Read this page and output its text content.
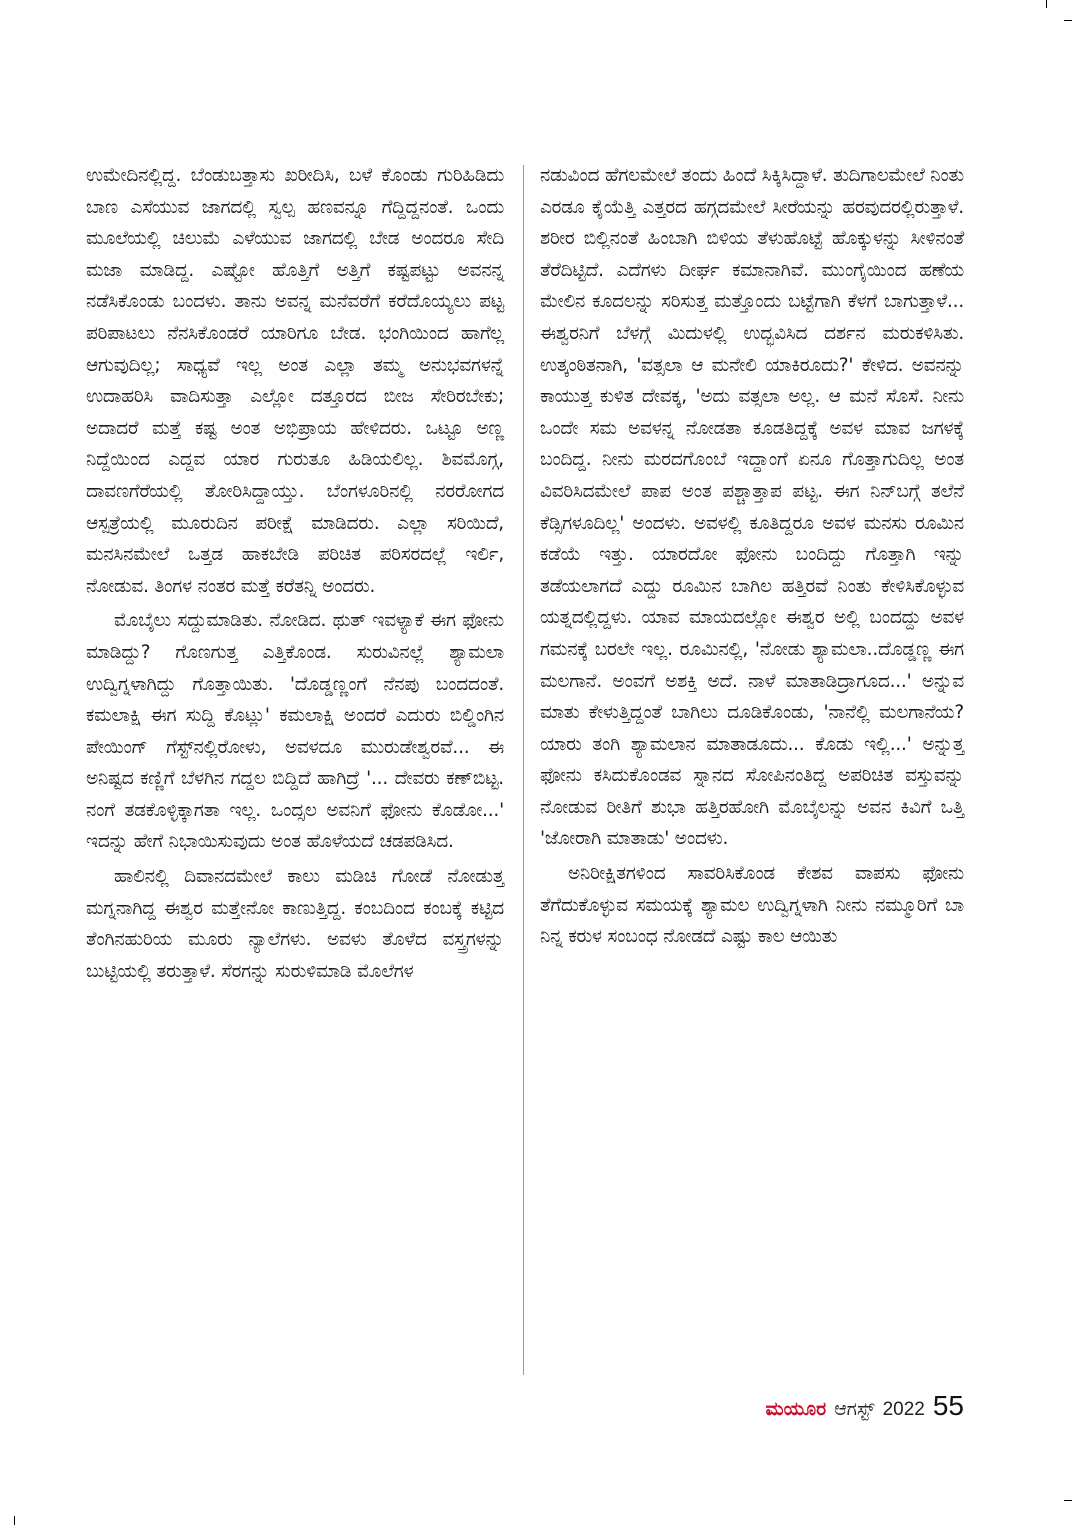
ಉಮೇದಿನಲ್ಲಿದ್ದ. ಬೆಂಡುಬತ್ತಾಸು ಖರೀದಿಸಿ, ಬಳೆ ಕೊಂಡು ಗುರಿಹಿಡಿದು ಬಾಣ ಎಸೆಯುವ ಜಾಗದಲ್ಲಿ ಸ್ವಲ್ಪ ಹಣವನ್ನೂ ಗೆದ್ದಿದ್ದನಂತೆ. ಒಂದು ಮೂಲೆಯಲ್ಲಿ ಚಿಲುಮೆ ಎಳೆಯುವ ಜಾಗದಲ್ಲಿ ಬೇಡ ಅಂದರೂ ಸೇದಿ ಮಜಾ ಮಾಡಿದ್ದ. ಎಷ್ಟೋ ಹೊತ್ತಿಗೆ ಅತ್ತಿಗೆ ಕಷ್ಟಪಟ್ಟು ಅವನನ್ನ ನಡೆಸಿಕೊಂಡು ಬಂದಳು. ತಾನು ಅವನ್ನ ಮನೆವರೆಗೆ ಕರೆದೊಯ್ಯಲು ಪಟ್ಟ ಪರಿಪಾಟಲು ನೆನಸಿಕೊಂಡರೆ ಯಾರಿಗೂ ಬೇಡ. ಭಂಗಿಯಿಂದ ಹಾಗೆಲ್ಲ ಆಗುವುದಿಲ್ಲ; ಸಾಧ್ಯವೆ ಇಲ್ಲ ಅಂತ ಎಲ್ಲಾ ತಮ್ಮ ಅನುಭವಗಳನ್ನೆ ಉದಾಹರಿಸಿ ವಾದಿಸುತ್ತಾ ಎಲ್ಲೋ ದತ್ತೂರದ ಬೀಜ ಸೇರಿರಬೇಕು; ಅದಾದರೆ ಮತ್ತೆ ಕಷ್ಟ ಅಂತ ಅಭಿಪ್ರಾಯ ಹೇಳಿದರು. ಒಟ್ಟೂ ಅಣ್ಣ ನಿದ್ದೆಯಿಂದ ಎದ್ದವ ಯಾರ ಗುರುತೂ ಹಿಡಿಯಲಿಲ್ಲ. ಶಿವಮೊಗ್ಗ, ದಾವಣಗೆರೆಯಲ್ಲಿ ತೋರಿಸಿದ್ದಾಯ್ತು. ಬೆಂಗಳೂರಿನಲ್ಲಿ ನರರೋಗದ ಆಸ್ಪತ್ರೆಯಲ್ಲಿ ಮೂರುದಿನ ಪರೀಕ್ಷೆ ಮಾಡಿದರು. ಎಲ್ಲಾ ಸರಿಯಿದೆ, ಮನಸಿನಮೇಲೆ ಒತ್ತಡ ಹಾಕಬೇಡಿ ಪರಿಚಿತ ಪರಿಸರದಲ್ಲೆ ಇರ್ಲಿ, ನೋಡುವ. ತಿಂಗಳ ನಂತರ ಮತ್ತೆ ಕರೆತನ್ನಿ ಅಂದರು.

ಮೊಬೈಲು ಸದ್ದುಮಾಡಿತು. ನೋಡಿದ. ಥುತ್ ಇವಳ್ಯಾಕೆ ಈಗ ಫೋನು ಮಾಡಿದ್ದು? ಗೊಣಗುತ್ತ ಎತ್ತಿಕೊಂಡ. ಸುರುವಿನಲ್ಲೆ ಶ್ಯಾಮಲಾ ಉದ್ವಿಗ್ನಳಾಗಿದ್ದು ಗೊತ್ತಾಯಿತು. 'ದೊಡ್ಡಣ್ಣಂಗೆ ನೆನಪು ಬಂದದಂತೆ. ಕಮಲಾಕ್ಷಿ ಈಗ ಸುದ್ದಿ ಕೊಟ್ಲು' ಕಮಲಾಕ್ಷಿ ಅಂದರೆ ಎದುರು ಬಿಲ್ಡಿಂಗಿನ ಪೇಯಿಂಗ್ ಗೆಸ್ಟ್‌ನಲ್ಲಿರೋಳು, ಅವಳದೂ ಮುರುಡೇಶ್ವರವೆ... ಈ ಅನಿಷ್ಟದ ಕಣ್ಣಿಗೆ ಬೆಳಗಿನ ಗದ್ದಲ ಬಿದ್ದಿದೆ ಹಾಗಿದ್ರೆ '... ದೇವರು ಕಣ್‌ಬಿಟ್ಟ. ನಂಗೆ ತಡಕೊಳ್ಳಿಕ್ಕಾಗತಾ ಇಲ್ಲ. ಒಂದ್ಸಲ ಅವನಿಗೆ ಫೋನು ಕೊಡೋ...' ಇದನ್ನು ಹೇಗೆ ನಿಭಾಯಿಸುವುದು ಅಂತ ಹೊಳೆಯದೆ ಚಡಪಡಿಸಿದ.

ಹಾಲಿನಲ್ಲಿ ದಿವಾನದಮೇಲೆ ಕಾಲು ಮಡಿಚಿ ಗೋಡೆ ನೋಡುತ್ತ ಮಗ್ನನಾಗಿದ್ದ ಈಶ್ವರ ಮತ್ತೇನೋ ಕಾಣುತ್ತಿದ್ದ. ಕಂಬದಿಂದ ಕಂಬಕ್ಕೆ ಕಟ್ಟಿದ ತೆಂಗಿನಹುರಿಯ ಮೂರು ನ್ಯಾಲೆಗಳು. ಅವಳು ತೊಳೆದ ವಸ್ತ್ರಗಳನ್ನು ಬುಟ್ಟಿಯಲ್ಲಿ ತರುತ್ತಾಳೆ. ಸೆರಗನ್ನು ಸುರುಳಿಮಾಡಿ ಮೊಲೆಗಳ

ನಡುವಿಂದ ಹೆಗಲಮೇಲೆ ತಂದು ಹಿಂದೆ ಸಿಕ್ಕಿಸಿದ್ದಾಳೆ. ತುದಿಗಾಲಮೇಲೆ ನಿಂತು ಎರಡೂ ಕೈಯೆತ್ತಿ ಎತ್ತರದ ಹಗ್ಗದಮೇಲೆ ಸೀರೆಯನ್ನು ಹರವುದರಲ್ಲಿರುತ್ತಾಳೆ. ಶರೀರ ಬಿಲ್ಲಿನಂತೆ ಹಿಂಬಾಗಿ ಬಿಳಿಯ ತೆಳುಹೊಟ್ಟೆ ಹೊಕ್ಕುಳನ್ನು ಸೀಳಿನಂತೆ ತೆರೆದಿಟ್ಟಿದೆ. ಎದೆಗಳು ದೀರ್ಘ ಕಮಾನಾಗಿವೆ. ಮುಂಗೈಯಿಂದ ಹಣೆಯ ಮೇಲಿನ ಕೂದಲನ್ನು ಸರಿಸುತ್ತ ಮತ್ತೊಂದು ಬಟ್ಟೆಗಾಗಿ ಕೆಳಗೆ ಬಾಗುತ್ತಾಳೆ... ಈಶ್ವರನಿಗೆ ಬೆಳಗ್ಗೆ ಮಿದುಳಲ್ಲಿ ಉದ್ಭವಿಸಿದ ದರ್ಶನ ಮರುಕಳಿಸಿತು. ಉತ್ಕಂಠಿತನಾಗಿ, 'ವತ್ಸಲಾ ಆ ಮನೇಲಿ ಯಾಕಿರೂದು?' ಕೇಳಿದ. ಅವನನ್ನು ಕಾಯುತ್ತ ಕುಳಿತ ದೇವಕ್ಕ, 'ಅದು ವತ್ಸಲಾ ಅಲ್ಲ. ಆ ಮನೆ ಸೊಸೆ. ನೀನು ಒಂದೇ ಸಮ ಅವಳನ್ನ ನೋಡತಾ ಕೂಡತಿದ್ದಕ್ಕೆ ಅವಳ ಮಾವ ಜಗಳಕ್ಕೆ ಬಂದಿದ್ದ. ನೀನು ಮರದಗೊಂಬೆ ಇದ್ದಾಂಗೆ ಏನೂ ಗೊತ್ತಾಗುದಿಲ್ಲ ಅಂತ ವಿವರಿಸಿದಮೇಲೆ ಪಾಪ ಅಂತ ಪಶ್ಚಾತ್ತಾಪ ಪಟ್ಟ. ಈಗ ನಿನ್‌ಬಗ್ಗೆ ತಲೆನೆ ಕೆಡ್ಸಿಗಳೂದಿಲ್ಲ' ಅಂದಳು. ಅವಳಲ್ಲಿ ಕೂತಿದ್ದರೂ ಅವಳ ಮನಸು ರೂಮಿನ ಕಡೆಯೆ ಇತ್ತು. ಯಾರದೋ ಫೋನು ಬಂದಿದ್ದು ಗೊತ್ತಾಗಿ ಇನ್ನು ತಡೆಯಲಾಗದೆ ಎದ್ದು ರೂಮಿನ ಬಾಗಿಲ ಹತ್ತಿರವೆ ನಿಂತು ಕೇಳಿಸಿಕೊಳ್ಳುವ ಯತ್ನದಲ್ಲಿದ್ದಳು. ಯಾವ ಮಾಯದಲ್ಲೋ ಈಶ್ವರ ಅಲ್ಲಿ ಬಂದದ್ದು ಅವಳ ಗಮನಕ್ಕೆ ಬರಲೇ ಇಲ್ಲ. ರೂಮಿನಲ್ಲಿ, 'ನೋಡು ಶ್ಯಾಮಲಾ..ದೊಡ್ಡಣ್ಣ ಈಗ ಮಲಗಾನೆ. ಅಂವಗೆ ಅಶಕ್ತಿ ಅದೆ. ನಾಳೆ ಮಾತಾಡಿದ್ರಾಗೂದ...' ಅನ್ನುವ ಮಾತು ಕೇಳುತ್ತಿದ್ದಂತೆ ಬಾಗಿಲು ದೂಡಿಕೊಂಡು, 'ನಾನೆಲ್ಲಿ ಮಲಗಾನೆಯ? ಯಾರು ತಂಗಿ ಶ್ಯಾಮಲಾನ ಮಾತಾಡೂದು... ಕೊಡು ಇಲ್ಲಿ...' ಅನ್ನುತ್ತ ಫೋನು ಕಸಿದುಕೊಂಡವ ಸ್ನಾನದ ಸೋಪಿನಂತಿದ್ದ ಅಪರಿಚಿತ ವಸ್ತುವನ್ನು ನೋಡುವ ರೀತಿಗೆ ಶುಭಾ ಹತ್ತಿರಹೋಗಿ ಮೊಬೈಲನ್ನು ಅವನ ಕಿವಿಗೆ ಒತ್ತಿ 'ಜೋರಾಗಿ ಮಾತಾಡು' ಅಂದಳು.

ಅನಿರೀಕ್ಷಿತಗಳಿಂದ ಸಾವರಿಸಿಕೊಂಡ ಕೇಶವ ವಾಪಸು ಫೋನು ತೆಗೆದುಕೊಳ್ಳುವ ಸಮಯಕ್ಕೆ ಶ್ಯಾಮಲ ಉದ್ವಿಗ್ನಳಾಗಿ ನೀನು ನಮ್ಮೂರಿಗೆ ಬಾ ನಿನ್ನ ಕರುಳ ಸಂಬಂಧ ನೋಡದೆ ಎಷ್ಟು ಕಾಲ ಆಯಿತು

ಮಯೂರ ಆಗಸ್ಟ್ 2022 55
